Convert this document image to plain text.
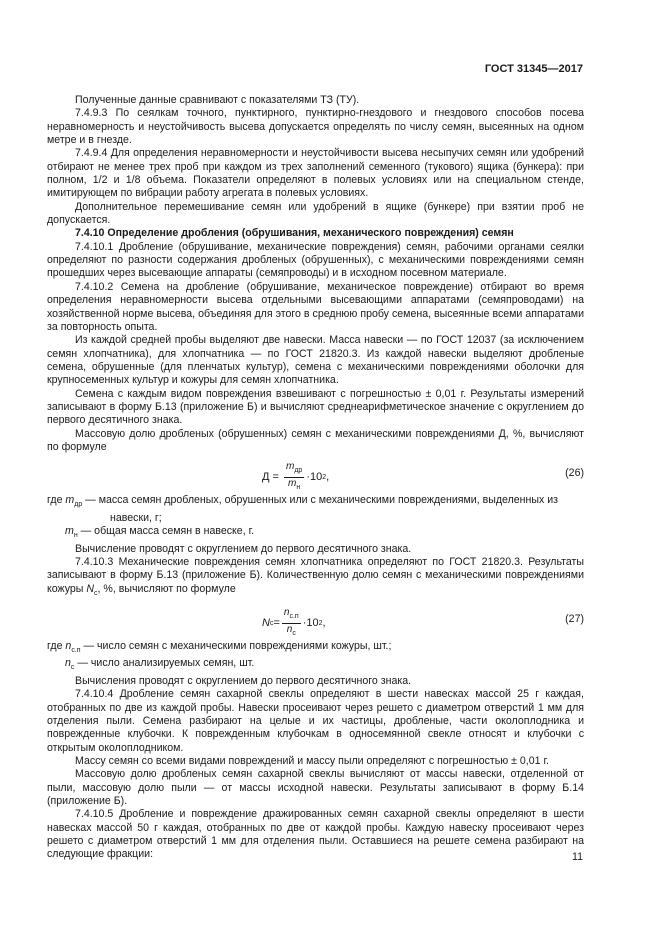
ГОСТ 31345—2017

Полученные данные сравнивают с показателями ТЗ (ТУ).

7.4.9.3 По сеялкам точного, пунктирного, пунктирно-гнездового и гнездового способов посева неравномерность и неустойчивость высева допускается определять по числу семян, высеянных на одном метре и в гнезде.

7.4.9.4 Для определения неравномерности и неустойчивости высева несыпучих семян или удобрений отбирают не менее трех проб при каждом из трех заполнений семенного (тукового) ящика (бункера): при полном, 1/2 и 1/8 объема. Показатели определяют в полевых условиях или на специальном стенде, имитирующем по вибрации работу агрегата в полевых условиях.

Дополнительное перемешивание семян или удобрений в ящике (бункере) при взятии проб не допускается.

7.4.10 Определение дробления (обрушивания, механического повреждения) семян

7.4.10.1 Дробление (обрушивание, механические повреждения) семян, рабочими органами сеялки определяют по разности содержания дробленых (обрушенных), с механическими повреждениями семян прошедших через высевающие аппараты (семяпроводы) и в исходном посевном материале.

7.4.10.2 Семена на дробление (обрушивание, механическое повреждение) отбирают во время определения неравномерности высева отдельными высевающими аппаратами (семяпроводами) на хозяйственной норме высева, объединяя для этого в среднюю пробу семена, высеянные всеми аппаратами за повторность опыта.

Из каждой средней пробы выделяют две навески. Масса навески — по ГОСТ 12037 (за исключением семян хлопчатника), для хлопчатника — по ГОСТ 21820.3. Из каждой навески выделяют дробленые семена, обрушенные (для пленчатых культур), семена с механическими повреждениями оболочки для крупносеменных культур и кожуры для семян хлопчатника.

Семена с каждым видом повреждения взвешивают с погрешностью ± 0,01 г. Результаты измерений записывают в форму Б.13 (приложение Б) и вычисляют среднеарифметическое значение с округлением до первого десятичного знака.

Массовую долю дробленых (обрушенных) семян с механическими повреждениями Д, %, вычисляют по формуле

$Д = \frac{m_{др}}{m_н} \cdot 10$ 2 ,	(26)

где $m_{др}$ — масса семян дробленых, обрушенных или с механическими повреждениями, выделенных из

навески, г;

$m_н$ — общая масса семян в навеске, г.

Вычисление проводят с округлением до первого десятичного знака.

7.4.10.3 Механические повреждения семян хлопчатника определяют по ГОСТ 21820.3. Результаты записывают в форму Б.13 (приложение Б). Количественную долю семян с механическими повреждениями кожуры $N_с$, %, вычисляют по формуле

N $с = \frac{n_{с.п}}{n_с} \cdot 10$ 2 ,	(27)

где $n_{с.п}$ — число семян с механическими повреждениями кожуры, шт.;

$n_с$ — число анализируемых семян, шт.

Вычисления проводят с округлением до первого десятичного знака.

7.4.10.4 Дробление семян сахарной свеклы определяют в шести навесках массой 25 г каждая, отобранных по две из каждой пробы. Навески просеивают через решето с диаметром отверстий 1 мм для отделения пыли. Семена разбирают на целые и их частицы, дробленые, части околоплодника и поврежденные клубочки. К поврежденным клубочкам в односемянной свекле относят и клубочки с открытым околоплодником.

Массу семян со всеми видами повреждений и массу пыли определяют с погрешностью ± 0,01 г.

Массовую долю дробленых семян сахарной свеклы вычисляют от массы навески, отделенной от пыли, массовую долю пыли — от массы исходной навески. Результаты записывают в форму Б.14 (приложение Б).

7.4.10.5 Дробление и повреждение дражированных семян сахарной свеклы определяют в шести навесках массой 50 г каждая, отобранных по две от каждой пробы. Каждую навеску просеивают через решето с диаметром отверстий 1 мм для отделения пыли. Оставшиеся на решете семена разбирают на следующие фракции:	11
